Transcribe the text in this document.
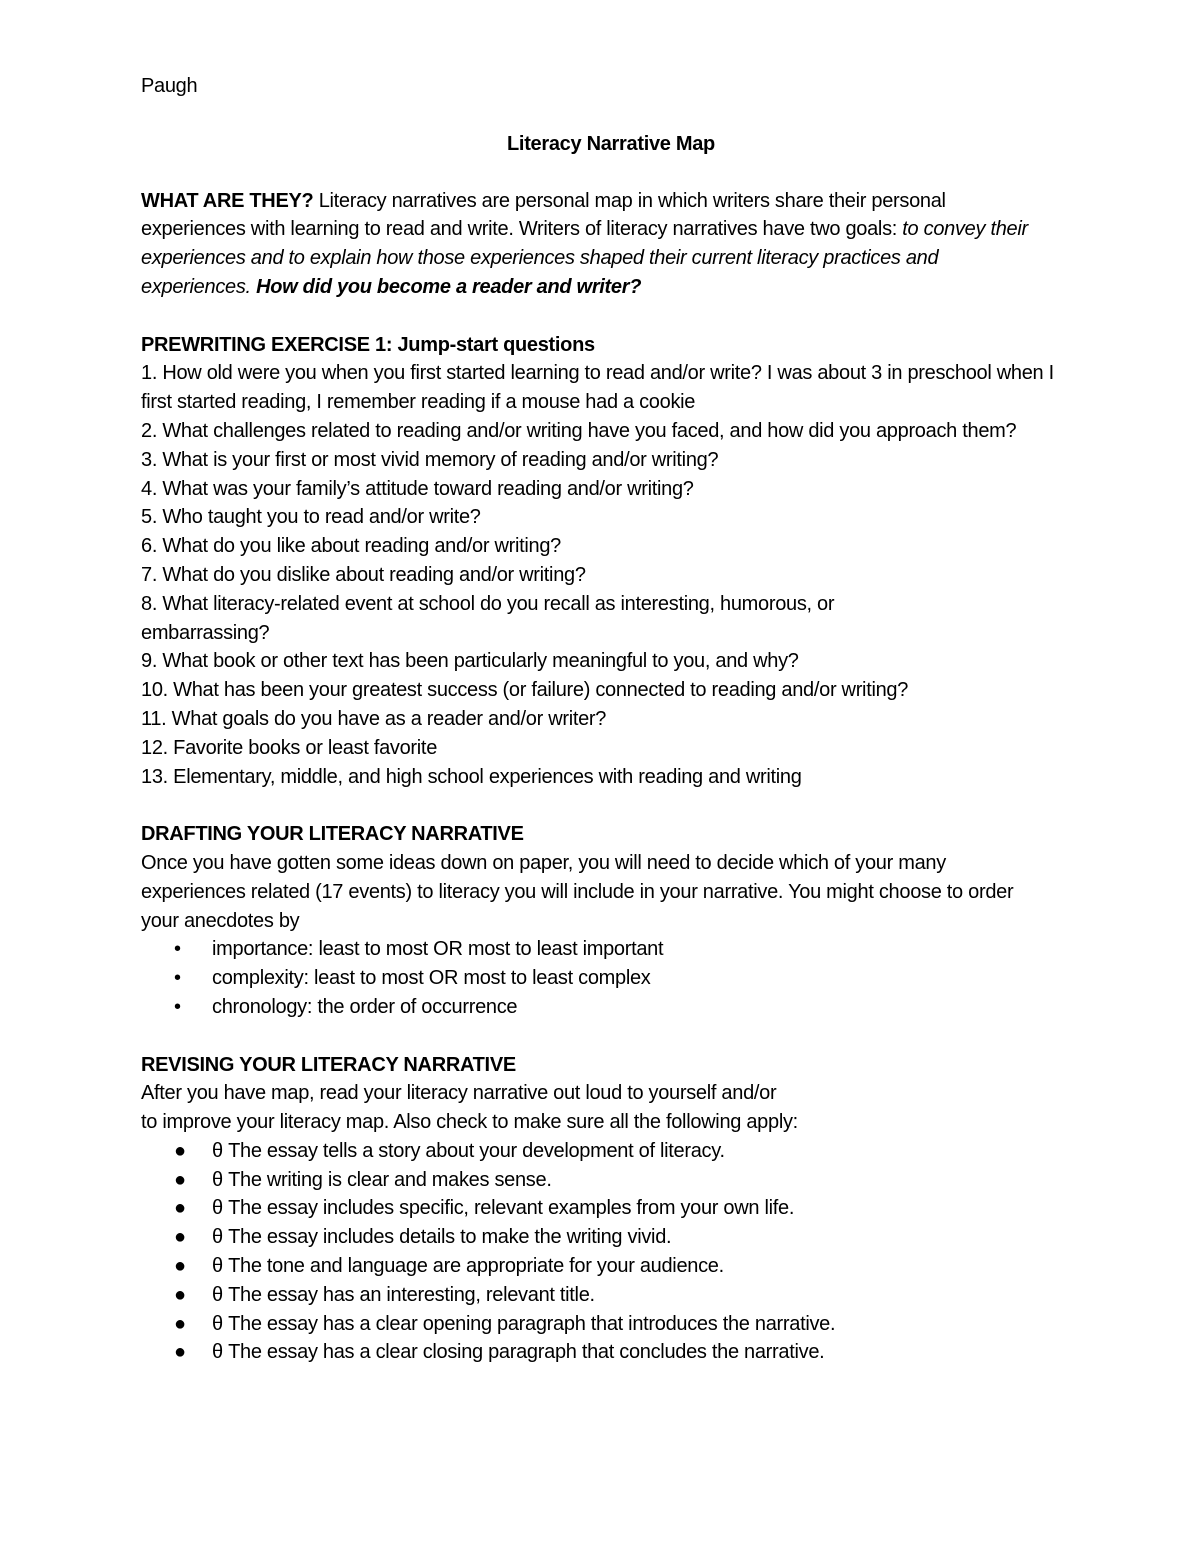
Paugh
Literacy Narrative Map
WHAT ARE THEY? Literacy narratives are personal map in which writers share their personal experiences with learning to read and write. Writers of literacy narratives have two goals: to convey their experiences and to explain how those experiences shaped their current literacy practices and experiences. How did you become a reader and writer?
PREWRITING EXERCISE 1: Jump-start questions
1. How old were you when you first started learning to read and/or write? I was about 3 in preschool when I first started reading, I remember reading if a mouse had a cookie
2. What challenges related to reading and/or writing have you faced, and how did you approach them?
3. What is your first or most vivid memory of reading and/or writing?
4. What was your family’s attitude toward reading and/or writing?
5. Who taught you to read and/or write?
6. What do you like about reading and/or writing?
7. What do you dislike about reading and/or writing?
8. What literacy-related event at school do you recall as interesting, humorous, or embarrassing?
9. What book or other text has been particularly meaningful to you, and why?
10. What has been your greatest success (or failure) connected to reading and/or writing?
11. What goals do you have as a reader and/or writer?
12. Favorite books or least favorite
13. Elementary, middle, and high school experiences with reading and writing
DRAFTING YOUR LITERACY NARRATIVE
Once you have gotten some ideas down on paper, you will need to decide which of your many experiences related (17 events) to literacy you will include in your narrative. You might choose to order your anecdotes by
• importance: least to most OR most to least important
• complexity: least to most OR most to least complex
• chronology: the order of occurrence
REVISING YOUR LITERACY NARRATIVE
After you have map, read your literacy narrative out loud to yourself and/or
to improve your literacy map. Also check to make sure all the following apply:
● θ The essay tells a story about your development of literacy.
● θ The writing is clear and makes sense.
● θ The essay includes specific, relevant examples from your own life.
● θ The essay includes details to make the writing vivid.
● θ The tone and language are appropriate for your audience.
● θ The essay has an interesting, relevant title.
● θ The essay has a clear opening paragraph that introduces the narrative.
● θ The essay has a clear closing paragraph that concludes the narrative.
